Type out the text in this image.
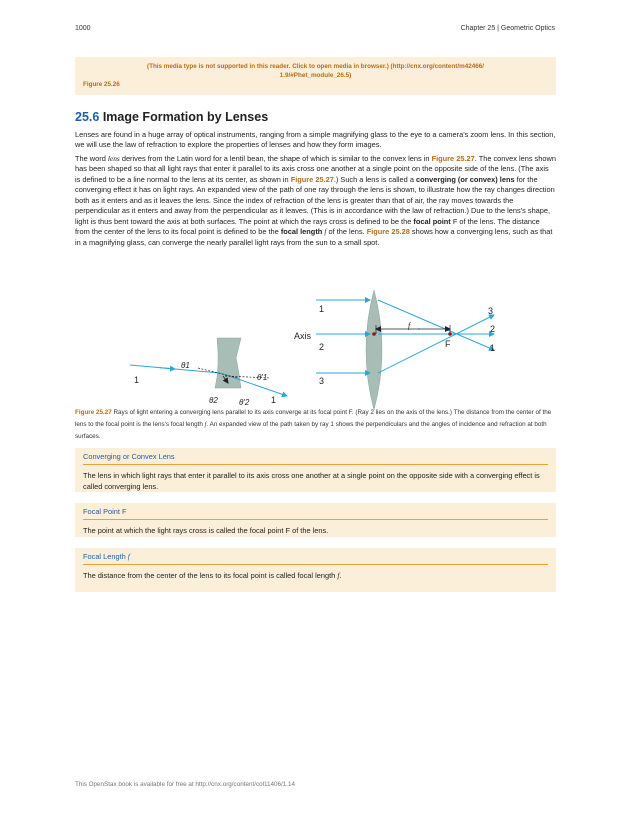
1000	Chapter 25 | Geometric Optics
(This media type is not supported in this reader. Click to open media in browser.) (http://cnx.org/content/m42466/
1.9/#Phet_module_26.5)
Figure 25.26
25.6 Image Formation by Lenses
Lenses are found in a huge array of optical instruments, ranging from a simple magnifying glass to the eye to a camera's zoom lens. In this section, we will use the law of refraction to explore the properties of lenses and how they form images.
The word lens derives from the Latin word for a lentil bean, the shape of which is similar to the convex lens in Figure 25.27. The convex lens shown has been shaped so that all light rays that enter it parallel to its axis cross one another at a single point on the opposite side of the lens. (The axis is defined to be a line normal to the lens at its center, as shown in Figure 25.27.) Such a lens is called a converging (or convex) lens for the converging effect it has on light rays. An expanded view of the path of one ray through the lens is shown, to illustrate how the ray changes direction both as it enters and as it leaves the lens. Since the index of refraction of the lens is greater than that of air, the ray moves towards the perpendicular as it enters and away from the perpendicular as it leaves. (This is in accordance with the law of refraction.) Due to the lens's shape, light is thus bent toward the axis at both surfaces. The point at which the rays cross is defined to be the focal point F of the lens. The distance from the center of the lens to its focal point is defined to be the focal length f of the lens. Figure 25.28 shows how a converging lens, such as that in a magnifying glass, can converge the nearly parallel light rays from the sun to a small spot.
1
θ1
θ′1
θ2	θ′2 1
f
F
Axis
1
2
3
3
2
1
Figure 25.27 Rays of light entering a converging lens parallel to its axis converge at its focal point F. (Ray 2 lies on the axis of the lens.) The distance from the center of the lens to the focal point is the lens's focal length f. An expanded view of the path taken by ray 1 shows the perpendiculars and the angles of incidence and refraction at both surfaces.
Converging or Convex Lens
The lens in which light rays that enter it parallel to its axis cross one another at a single point on the opposite side with a converging effect is called converging lens.
Focal Point F
The point at which the light rays cross is called the focal point F of the lens.
Focal Length f
The distance from the center of the lens to its focal point is called focal length f.
This OpenStax book is available for free at http://cnx.org/content/col11406/1.14
